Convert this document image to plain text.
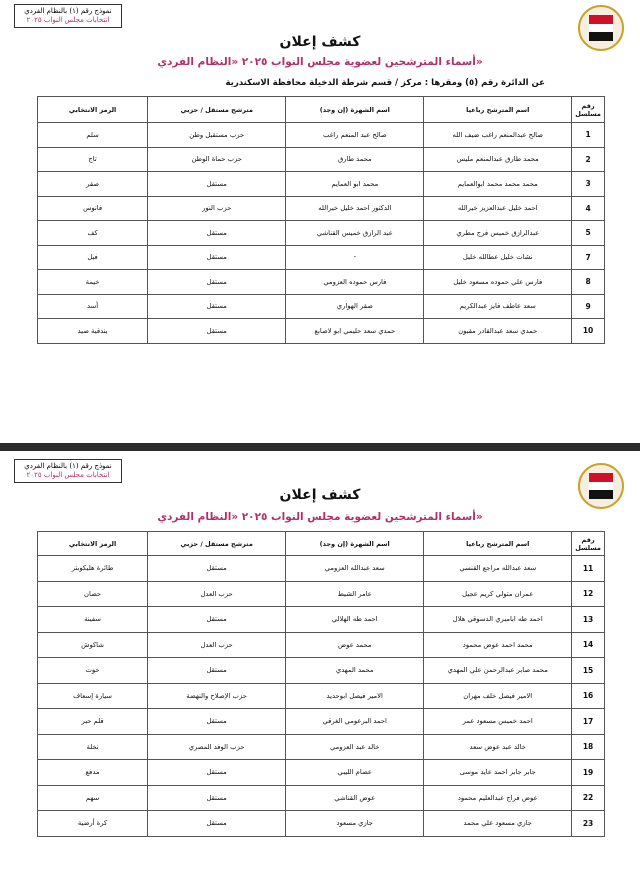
نموذج رقم (١) بالنظام الفردي
انتخابات مجلس النواب ٢٠٢٥
كشف إعلان
أسماء المترشحين لعضوية مجلس النواب ٢٠٢٥ «النظام الفردي»
عن الدائرة رقم (٥) ومقرها : مركز / قسم شرطة الدخيلة محافظة الاسكندرية
رقم مسلسل	اسم المترشح رباعيا	اسم الشهرة (إن وجد)	مترشح مستقل / حزبي	الرمز الانتخابي
1	صالح عبدالمنعم راغب ضيف الله	صالح عبد المنعم راغب	حزب مستقبل وطن	سلم
2	محمد طارق عبدالمنعم مليس	محمد طارق	حزب حماة الوطن	تاج
3	محمد محمد محمد ابوالعمايم	محمد ابو العمايم	مستقل	صقر
4	احمد خليل عبدالعزيز خيرالله	الدكتور احمد خليل خيرالله	حزب النور	فانوس
5	عبدالرازق خميس فرج مطري	عبد الرازق خميس القناشي	مستقل	كف
7	نشات خليل عطالله خليل	-	مستقل	فيل
8	فارس علي حموده مسعود خليل	فارس حموده العزومي	مستقل	خيمة
9	سعد عاطف فايز عبدالكريم	صقر الهواري	مستقل	أسد
10	حمدي سعد عبدالقادر مقبون	حمدي سعد حليمي ابو لاصابع	مستقل	بندقية صيد
نموذج رقم (١) بالنظام الفردي
انتخابات مجلس النواب ٢٠٢٥
كشف إعلان
أسماء المترشحين لعضوية مجلس النواب ٢٠٢٥ «النظام الفردي»
رقم مسلسل	اسم المترشح رباعيا	اسم الشهرة (إن وجد)	مترشح مستقل / حزبي	الرمز الانتخابي
11	سعد عبدالله مراجع القنسي	سعد عبدالله العزومي	مستقل	طائرة هليكوبتر
12	عمران متولي كريم عجيل	عامر الشيط	حزب العدل	حصان
13	احمد طه ابامبري الدسوقي هلال	احمد طه الهلالي	مستقل	سفينة
14	محمد احمد عوض محمود	محمد عوض	حزب العدل	شاكوش
15	محمد صابر عبدالرحمن علي المهدي	محمد المهدي	مستقل	حوت
16	الامير فيصل خلف مهران	الامير فيصل ابوحديد	حزب الإصلاح والنهضة	سيارة إسعاف
17	احمد خميس مسعود عمر	احمد البرعومي الغرقي	مستقل	قلم حبر
18	خالد عبد عوض سعد	خالد عبد العزومي	حزب الوفد المصري	نخلة
19	جابر جابر احمد عايد موسى	عصام الليبي	مستقل	مدفع
22	عوض فراج عبدالعليم محمود	عوض القناشي	مستقل	سهم
23	جازي مسعود علي محمد	جازي مسعود	مستقل	كرة أرضية
